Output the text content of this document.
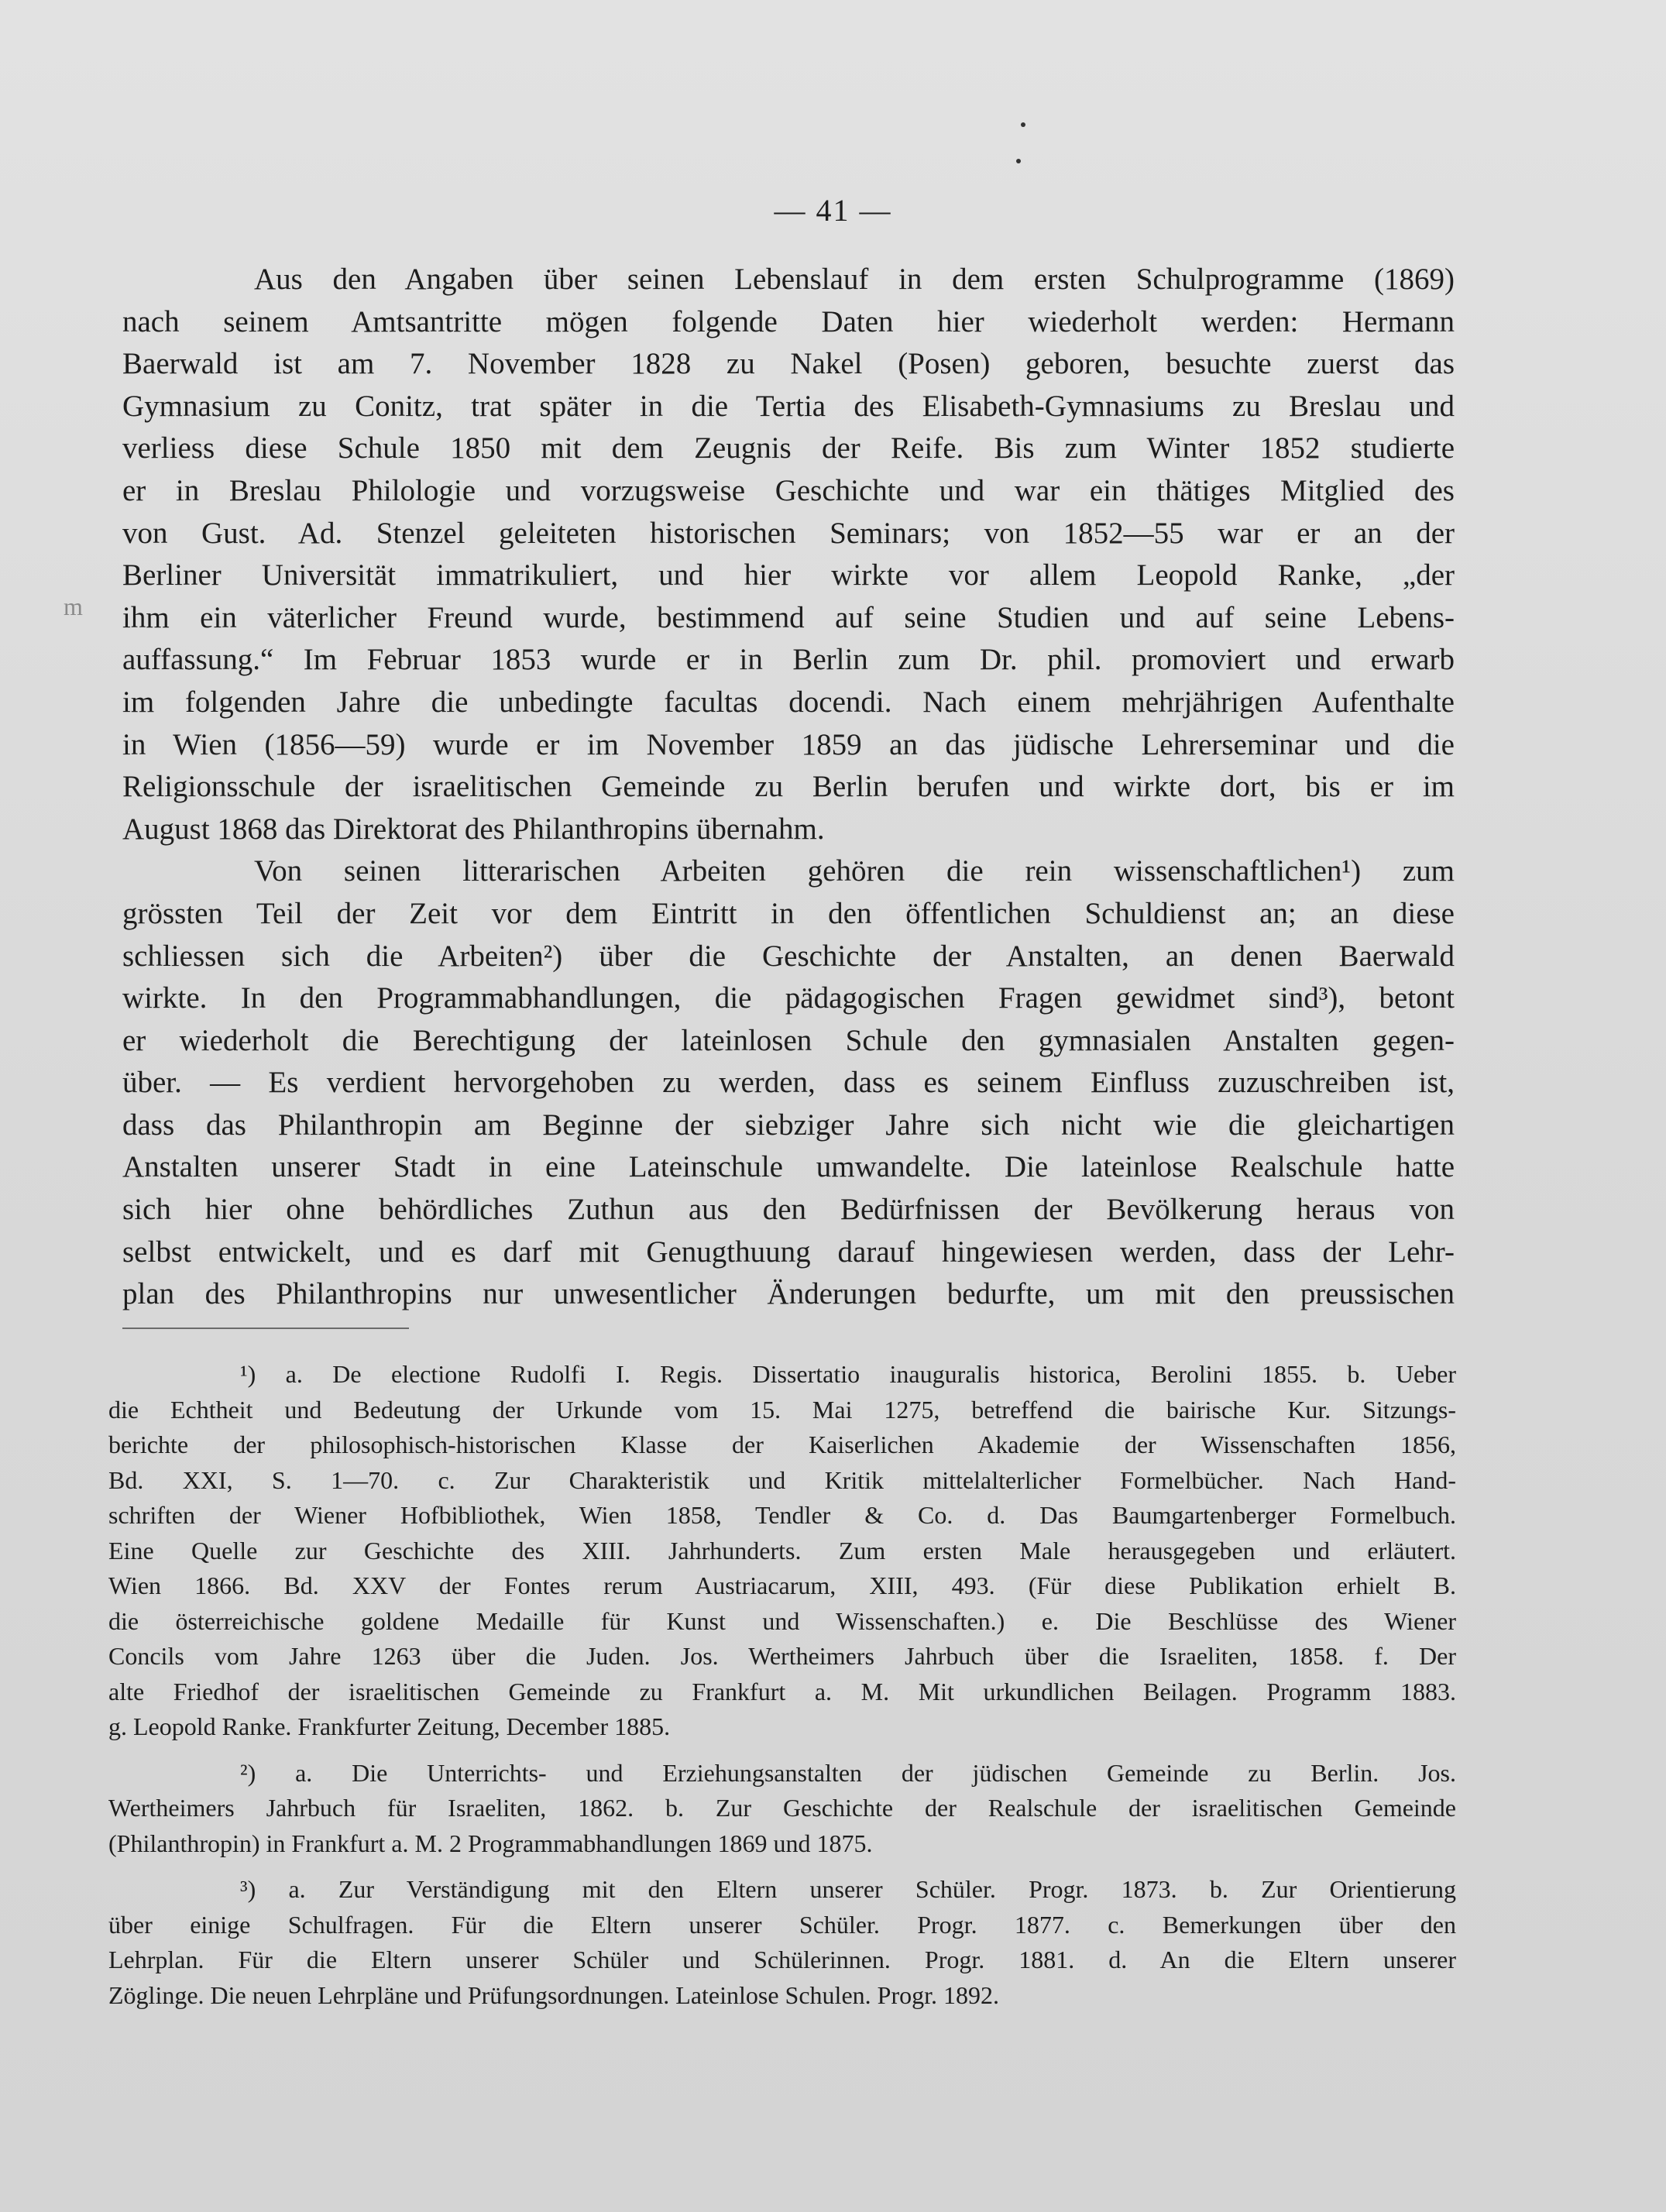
— 41 —
m

Aus den Angaben über seinen Lebenslauf in dem ersten Schulprogramme (1869)
nach seinem Amtsantritte mögen folgende Daten hier wiederholt werden: Hermann
Baerwald ist am 7. November 1828 zu Nakel (Posen) geboren, besuchte zuerst das
Gymnasium zu Conitz, trat später in die Tertia des Elisabeth-Gymnasiums zu Breslau und
verliess diese Schule 1850 mit dem Zeugnis der Reife. Bis zum Winter 1852 studierte
er in Breslau Philologie und vorzugsweise Geschichte und war ein thätiges Mitglied des
von Gust. Ad. Stenzel geleiteten historischen Seminars; von 1852—55 war er an der
Berliner Universität immatrikuliert, und hier wirkte vor allem Leopold Ranke, „der
ihm ein väterlicher Freund wurde, bestimmend auf seine Studien und auf seine Lebens-
auffassung.“ Im Februar 1853 wurde er in Berlin zum Dr. phil. promoviert und erwarb
im folgenden Jahre die unbedingte facultas docendi. Nach einem mehrjährigen Aufenthalte
in Wien (1856—59) wurde er im November 1859 an das jüdische Lehrerseminar und die
Religionsschule der israelitischen Gemeinde zu Berlin berufen und wirkte dort, bis er im
August 1868 das Direktorat des Philanthropins übernahm.

Von seinen litterarischen Arbeiten gehören die rein wissenschaftlichen¹) zum
grössten Teil der Zeit vor dem Eintritt in den öffentlichen Schuldienst an; an diese
schliessen sich die Arbeiten²) über die Geschichte der Anstalten, an denen Baerwald
wirkte. In den Programmabhandlungen, die pädagogischen Fragen gewidmet sind³), betont
er wiederholt die Berechtigung der lateinlosen Schule den gymnasialen Anstalten gegen-
über. — Es verdient hervorgehoben zu werden, dass es seinem Einfluss zuzuschreiben ist,
dass das Philanthropin am Beginne der siebziger Jahre sich nicht wie die gleichartigen
Anstalten unserer Stadt in eine Lateinschule umwandelte. Die lateinlose Realschule hatte
sich hier ohne behördliches Zuthun aus den Bedürfnissen der Bevölkerung heraus von
selbst entwickelt, und es darf mit Genugthuung darauf hingewiesen werden, dass der Lehr-
plan des Philanthropins nur unwesentlicher Änderungen bedurfte, um mit den preussischen

¹) a. De electione Rudolfi I. Regis. Dissertatio inauguralis historica, Berolini 1855. b. Ueber
die Echtheit und Bedeutung der Urkunde vom 15. Mai 1275, betreffend die bairische Kur. Sitzungs-
berichte der philosophisch-historischen Klasse der Kaiserlichen Akademie der Wissenschaften 1856,
Bd. XXI, S. 1—70. c. Zur Charakteristik und Kritik mittelalterlicher Formelbücher. Nach Hand-
schriften der Wiener Hofbibliothek, Wien 1858, Tendler & Co. d. Das Baumgartenberger Formelbuch.
Eine Quelle zur Geschichte des XIII. Jahrhunderts. Zum ersten Male herausgegeben und erläutert.
Wien 1866. Bd. XXV der Fontes rerum Austriacarum, XIII, 493. (Für diese Publikation erhielt B.
die österreichische goldene Medaille für Kunst und Wissenschaften.) e. Die Beschlüsse des Wiener
Concils vom Jahre 1263 über die Juden. Jos. Wertheimers Jahrbuch über die Israeliten, 1858. f. Der
alte Friedhof der israelitischen Gemeinde zu Frankfurt a. M. Mit urkundlichen Beilagen. Programm 1883.
g. Leopold Ranke. Frankfurter Zeitung, December 1885.
²) a. Die Unterrichts- und Erziehungsanstalten der jüdischen Gemeinde zu Berlin. Jos.
Wertheimers Jahrbuch für Israeliten, 1862. b. Zur Geschichte der Realschule der israelitischen Gemeinde
(Philanthropin) in Frankfurt a. M. 2 Programmabhandlungen 1869 und 1875.
³) a. Zur Verständigung mit den Eltern unserer Schüler. Progr. 1873. b. Zur Orientierung
über einige Schulfragen. Für die Eltern unserer Schüler. Progr. 1877. c. Bemerkungen über den
Lehrplan. Für die Eltern unserer Schüler und Schülerinnen. Progr. 1881. d. An die Eltern unserer
Zöglinge. Die neuen Lehrpläne und Prüfungsordnungen. Lateinlose Schulen. Progr. 1892.
